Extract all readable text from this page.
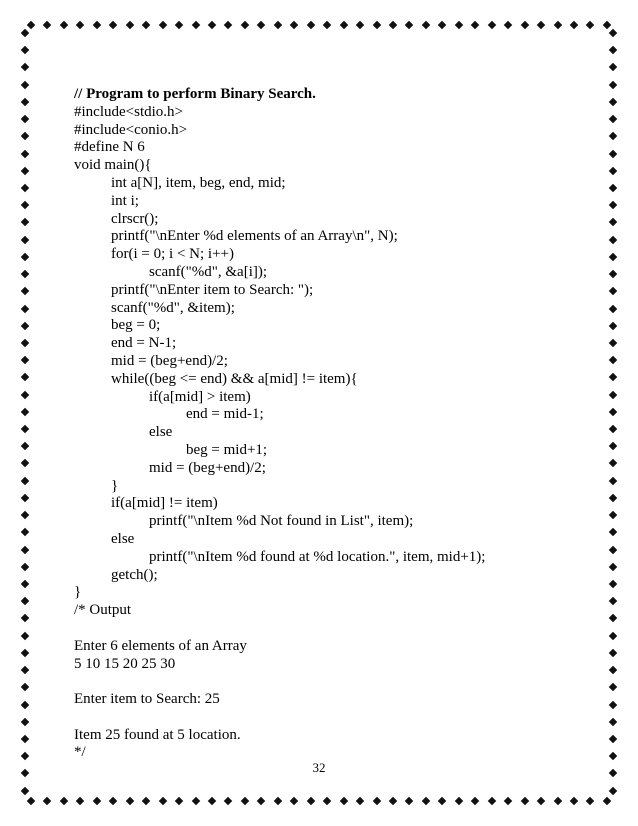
// Program to perform Binary Search.
#include<stdio.h>
#include<conio.h>
#define N 6
void main(){
int a[N], item, beg, end, mid;
int i;
clrscr();
printf("\nEnter %d elements of an Array\n", N);
for(i = 0; i < N; i++)
scanf("%d", &a[i]);
printf("\nEnter item to Search: ");
scanf("%d", &item);
beg = 0;
end = N-1;
mid = (beg+end)/2;
while((beg <= end) && a[mid] != item){
if(a[mid] > item)
end = mid-1;
else
beg = mid+1;
mid = (beg+end)/2;
}
if(a[mid] != item)
printf("\nItem %d Not found in List", item);
else
printf("\nItem %d found at %d location.", item, mid+1);
getch();
}
/* Output
Enter 6 elements of an Array
5 10 15 20 25 30
Enter item to Search: 25
Item 25 found at 5 location.
*/
32
